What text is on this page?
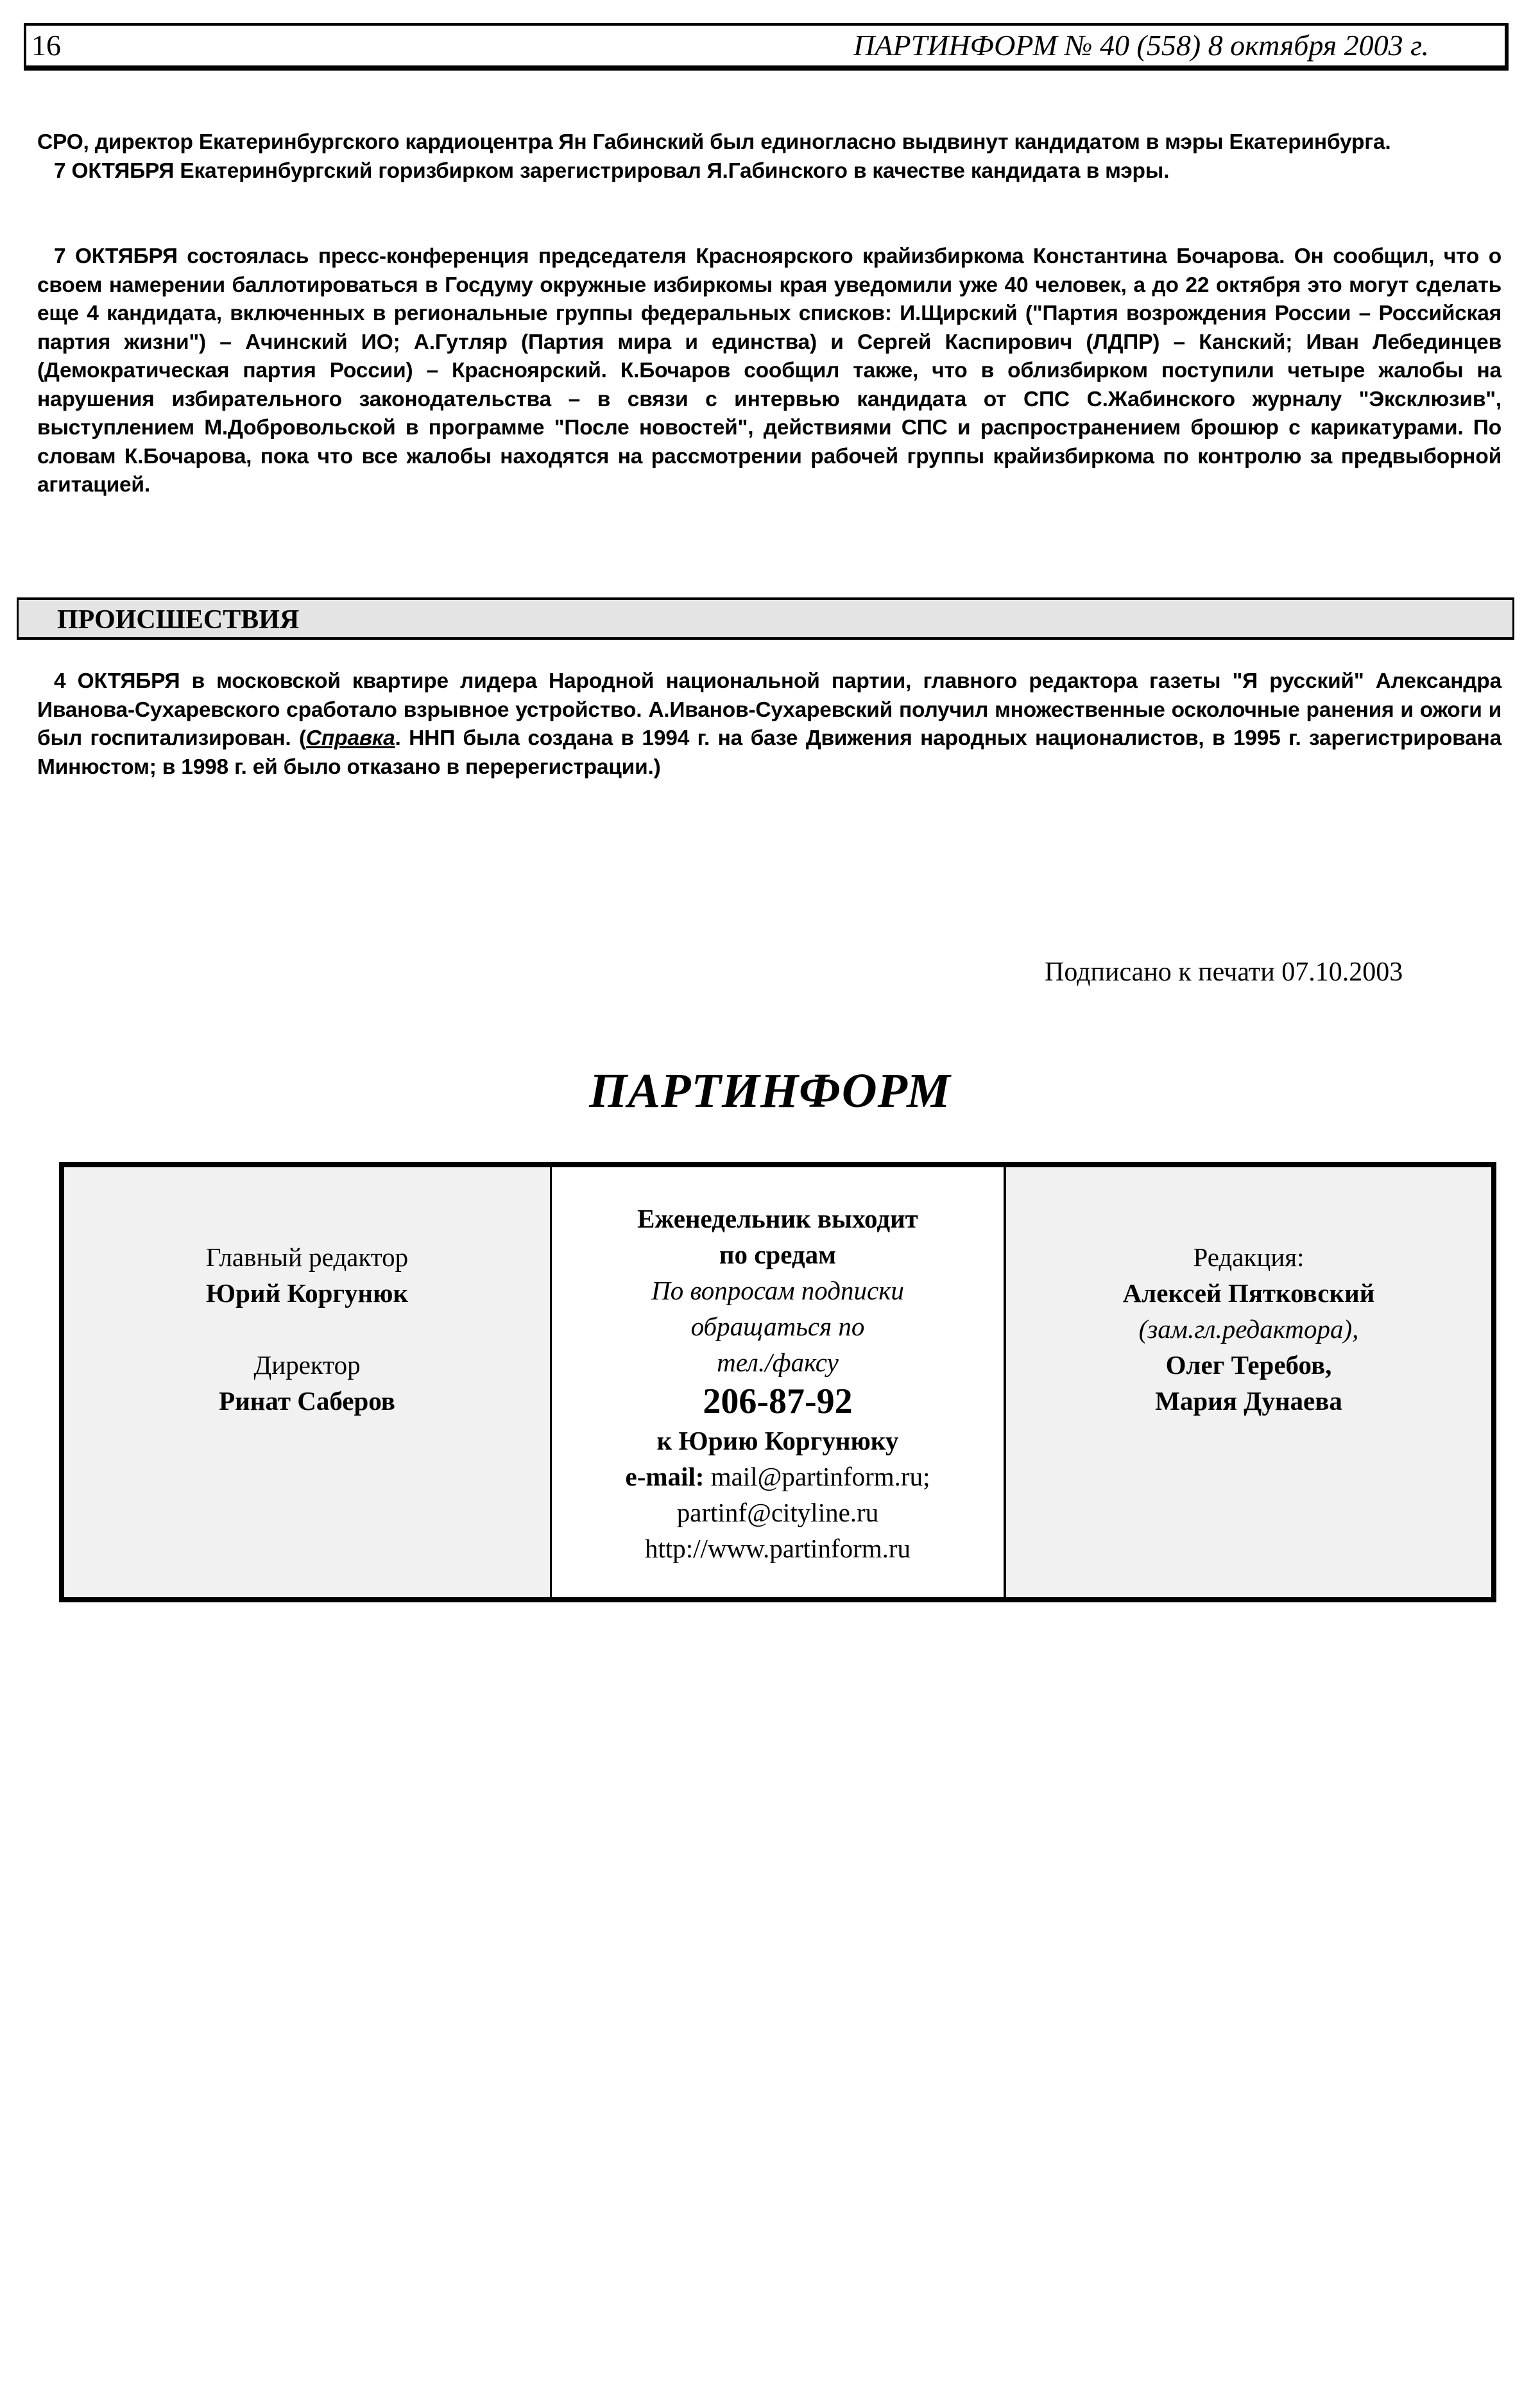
16	ПАРТИНФОРМ № 40 (558) 8 октября 2003 г.

СРО, директор Екатеринбургского кардиоцентра Ян Габинский был единогласно выдвинут кандидатом в мэры Екатеринбурга.

7 ОКТЯБРЯ Екатеринбургский горизбирком зарегистрировал Я.Габинского в качестве кандидата в мэры.

7 ОКТЯБРЯ состоялась пресс-конференция председателя Красноярского крайизбиркома Константина Бочарова. Он сообщил, что о своем намерении баллотироваться в Госдуму окружные избиркомы края уведомили уже 40 человек, а до 22 октября это могут сделать еще 4 кандидата, включенных в региональные группы федеральных списков: И.Щирский ("Партия возрождения России – Российская партия жизни") – Ачинский ИО; А.Гутляр (Партия мира и единства) и Сергей Каспирович (ЛДПР) – Канский; Иван Лебединцев (Демократическая партия России) – Красноярский. К.Бочаров сообщил также, что в облизбирком поступили четыре жалобы на нарушения избирательного законодательства – в связи с интервью кандидата от СПС С.Жабинского журналу "Эксклюзив", выступлением М.Добровольской в программе "После новостей", действиями СПС и распространением брошюр с карикатурами. По словам К.Бочарова, пока что все жалобы находятся на рассмотрении рабочей группы крайизбиркома по контролю за предвыборной агитацией.

ПРОИСШЕСТВИЯ

4 ОКТЯБРЯ в московской квартире лидера Народной национальной партии, главного редактора газеты "Я русский" Александра Иванова-Сухаревского сработало взрывное устройство. А.Иванов-Сухаревский получил множественные осколочные ранения и ожоги и был госпитализирован. (Справка. ННП была создана в 1994 г. на базе Движения народных националистов, в 1995 г. зарегистрирована Минюстом; в 1998 г. ей было отказано в перерегистрации.)

Подписано к печати 07.10.2003
ПАРТИНФОРМ
Главный редактор
Юрий Коргунюк
Директор
Ринат Саберов
Еженедельник выходит
по средам
По вопросам подписки
обращаться по
тел./факсу
206-87-92
к Юрию Коргунюку
e-mail: mail@partinform.ru;
partinf@cityline.ru
http://www.partinform.ru
Редакция:
Алексей Пятковский
(зам.гл.редактора),
Олег Теребов,
Мария Дунаева
